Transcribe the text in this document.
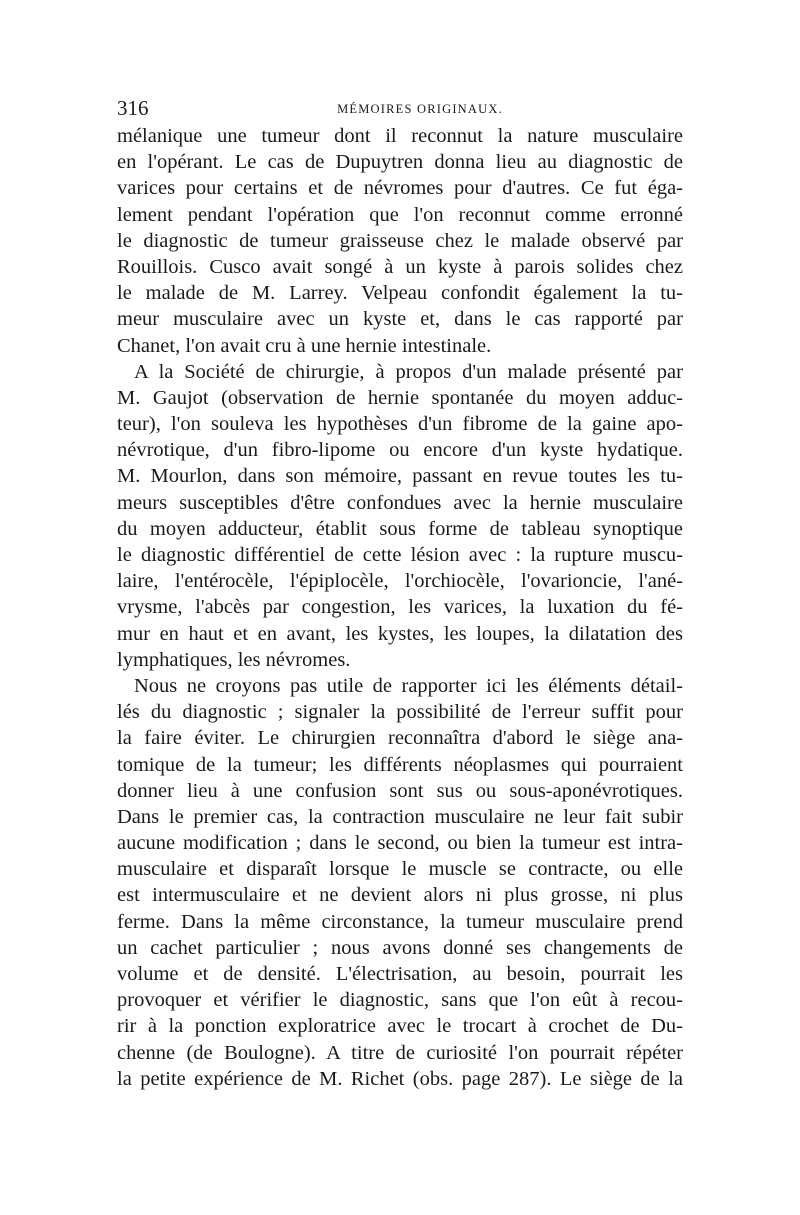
316	MÉMOIRES ORIGINAUX.
mélanique une tumeur dont il reconnut la nature musculaire
en l'opérant. Le cas de Dupuytren donna lieu au diagnostic de
varices pour certains et de névromes pour d'autres. Ce fut éga-
lement pendant l'opération que l'on reconnut comme erronné
le diagnostic de tumeur graisseuse chez le malade observé par
Rouillois. Cusco avait songé à un kyste à parois solides chez
le malade de M. Larrey. Velpeau confondit également la tu-
meur musculaire avec un kyste et, dans le cas rapporté par
Chanet, l'on avait cru à une hernie intestinale.
A la Société de chirurgie, à propos d'un malade présenté par
M. Gaujot (observation de hernie spontanée du moyen adduc-
teur), l'on souleva les hypothèses d'un fibrome de la gaine apo-
névrotique, d'un fibro-lipome ou encore d'un kyste hydatique.
M. Mourlon, dans son mémoire, passant en revue toutes les tu-
meurs susceptibles d'être confondues avec la hernie musculaire
du moyen adducteur, établit sous forme de tableau synoptique
le diagnostic différentiel de cette lésion avec : la rupture muscu-
laire, l'entérocèle, l'épiplocèle, l'orchiocèle, l'ovarioncie, l'ané-
vrysme, l'abcès par congestion, les varices, la luxation du fé-
mur en haut et en avant, les kystes, les loupes, la dilatation des
lymphatiques, les névromes.
Nous ne croyons pas utile de rapporter ici les éléments détail-
lés du diagnostic ; signaler la possibilité de l'erreur suffit pour
la faire éviter. Le chirurgien reconnaîtra d'abord le siège ana-
tomique de la tumeur; les différents néoplasmes qui pourraient
donner lieu à une confusion sont sus ou sous-aponévrotiques.
Dans le premier cas, la contraction musculaire ne leur fait subir
aucune modification ; dans le second, ou bien la tumeur est intra-
musculaire et disparaît lorsque le muscle se contracte, ou elle
est intermusculaire et ne devient alors ni plus grosse, ni plus
ferme. Dans la même circonstance, la tumeur musculaire prend
un cachet particulier ; nous avons donné ses changements de
volume et de densité. L'électrisation, au besoin, pourrait les
provoquer et vérifier le diagnostic, sans que l'on eût à recou-
rir à la ponction exploratrice avec le trocart à crochet de Du-
chenne (de Boulogne). A titre de curiosité l'on pourrait répéter
la petite expérience de M. Richet (obs. page 287). Le siège de la
